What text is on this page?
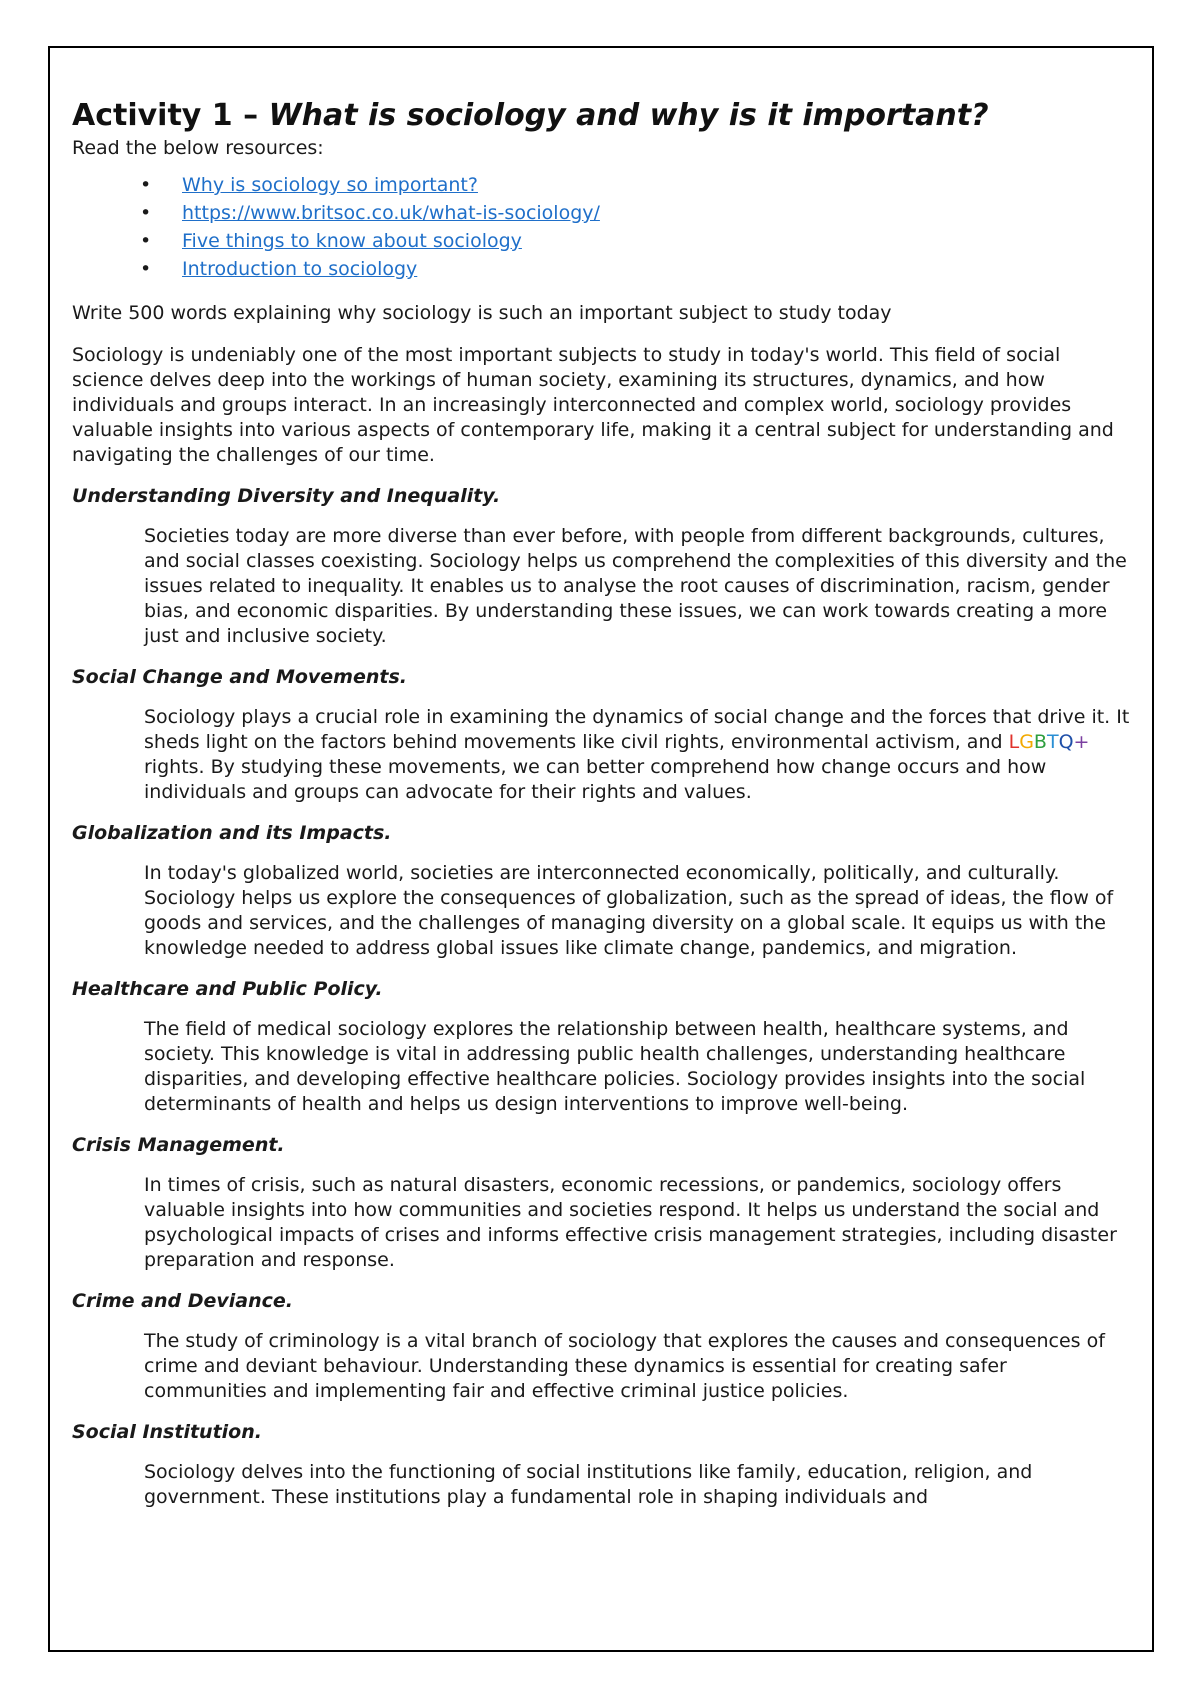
Activity 1 – What is sociology and why is it important?

Read the below resources:

• Why is sociology so important?
• https://www.britsoc.co.uk/what-is-sociology/
• Five things to know about sociology
• Introduction to sociology

Write 500 words explaining why sociology is such an important subject to study today

Sociology is undeniably one of the most important subjects to study in today's world. This field of social science delves deep into the workings of human society, examining its structures, dynamics, and how individuals and groups interact. In an increasingly interconnected and complex world, sociology provides valuable insights into various aspects of contemporary life, making it a central subject for understanding and navigating the challenges of our time.

Understanding Diversity and Inequality.

Societies today are more diverse than ever before, with people from different backgrounds, cultures, and social classes coexisting. Sociology helps us comprehend the complexities of this diversity and the issues related to inequality. It enables us to analyse the root causes of discrimination, racism, gender bias, and economic disparities. By understanding these issues, we can work towards creating a more just and inclusive society.

Social Change and Movements.

Sociology plays a crucial role in examining the dynamics of social change and the forces that drive it. It sheds light on the factors behind movements like civil rights, environmental activism, and LGBTQ+ rights. By studying these movements, we can better comprehend how change occurs and how individuals and groups can advocate for their rights and values.

Globalization and its Impacts.

In today's globalized world, societies are interconnected economically, politically, and culturally. Sociology helps us explore the consequences of globalization, such as the spread of ideas, the flow of goods and services, and the challenges of managing diversity on a global scale. It equips us with the knowledge needed to address global issues like climate change, pandemics, and migration.

Healthcare and Public Policy.

The field of medical sociology explores the relationship between health, healthcare systems, and society. This knowledge is vital in addressing public health challenges, understanding healthcare disparities, and developing effective healthcare policies. Sociology provides insights into the social determinants of health and helps us design interventions to improve well-being.

Crisis Management.

In times of crisis, such as natural disasters, economic recessions, or pandemics, sociology offers valuable insights into how communities and societies respond. It helps us understand the social and psychological impacts of crises and informs effective crisis management strategies, including disaster preparation and response.

Crime and Deviance.

The study of criminology is a vital branch of sociology that explores the causes and consequences of crime and deviant behaviour. Understanding these dynamics is essential for creating safer communities and implementing fair and effective criminal justice policies.

Social Institution.

Sociology delves into the functioning of social institutions like family, education, religion, and government. These institutions play a fundamental role in shaping individuals and
